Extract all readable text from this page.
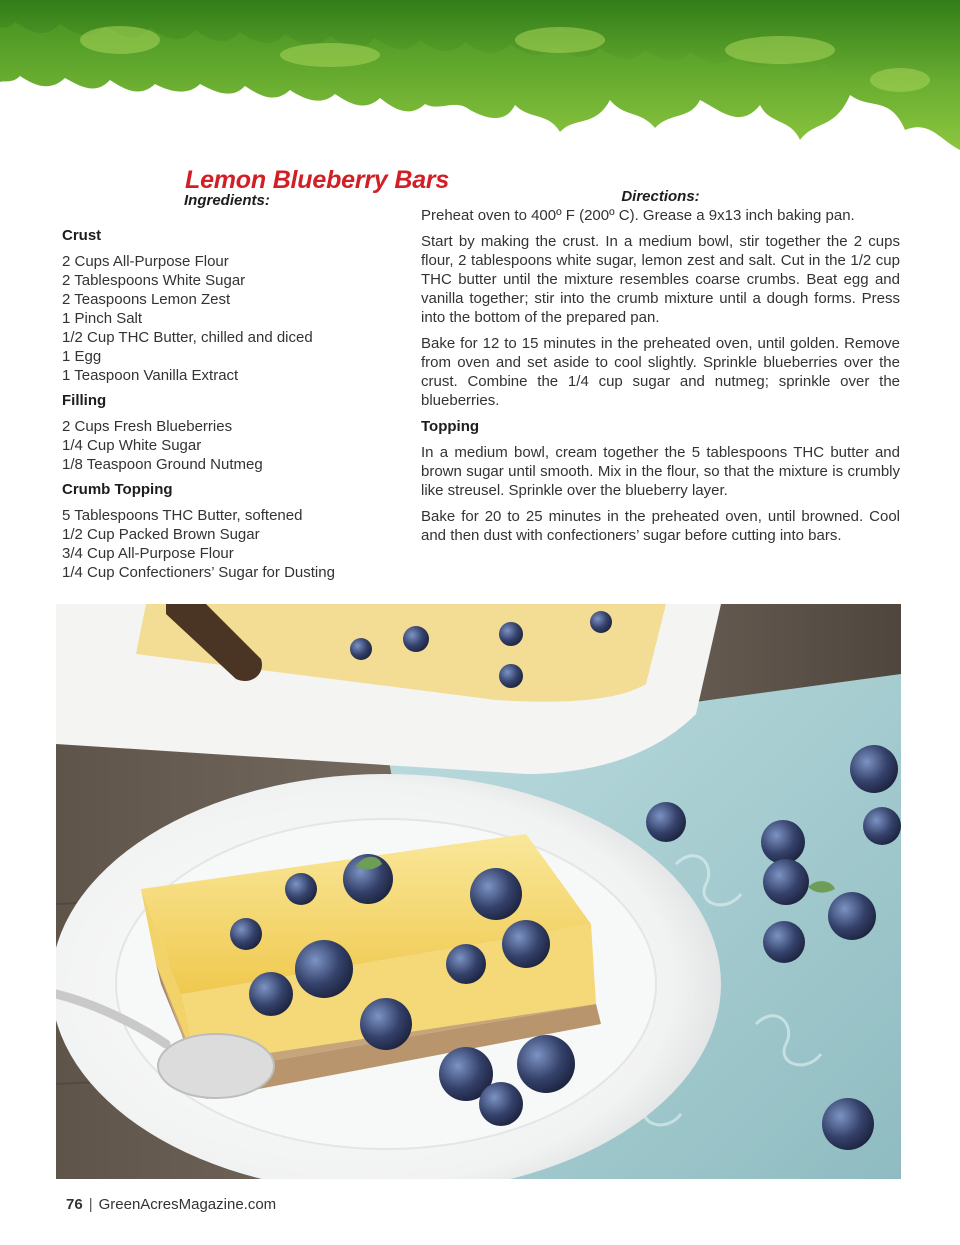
Lemon Blueberry Bars

Ingredients:

Crust

2 Cups All-Purpose Flour
2 Tablespoons White Sugar
2 Teaspoons Lemon Zest
1 Pinch Salt
1/2 Cup THC Butter, chilled and diced
1 Egg
1 Teaspoon Vanilla Extract

Filling

2 Cups Fresh Blueberries
1/4 Cup White Sugar
1/8 Teaspoon Ground Nutmeg

Crumb Topping

5 Tablespoons THC Butter, softened
1/2 Cup Packed Brown Sugar
3/4 Cup All-Purpose Flour
1/4 Cup Confectioners’ Sugar for Dusting

Directions:

Preheat oven to 400º F (200º C). Grease a 9x13 inch baking pan.

Start by making the crust. In a medium bowl, stir together the 2 cups flour, 2 tablespoons white sugar, lemon zest and salt. Cut in the 1/2 cup THC butter until the mixture resembles coarse crumbs. Beat egg and vanilla together; stir into the crumb mixture until a dough forms. Press into the bottom of the prepared pan.

Bake for 12 to 15 minutes in the preheated oven, until golden. Remove from oven and set aside to cool slightly. Sprinkle blueberries over the crust. Combine the 1/4 cup sugar and nutmeg; sprinkle over the blueberries.

Topping

In a medium bowl, cream together the 5 tablespoons THC butter and brown sugar until smooth. Mix in the flour, so that the mixture is crumbly like streusel. Sprinkle over the blueberry layer.

Bake for 20 to 25 minutes in the preheated oven, until browned. Cool and then dust with confectioners’ sugar before cutting into bars.

76 | GreenAcresMagazine.com
